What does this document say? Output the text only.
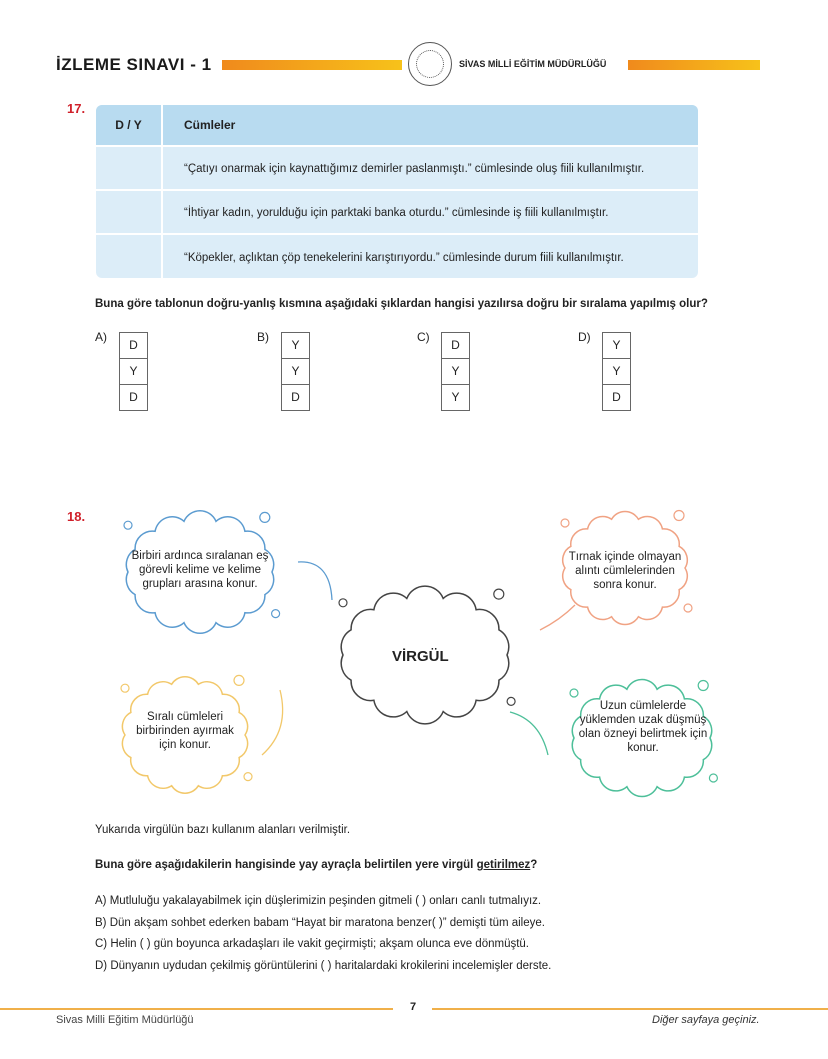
İZLEME SINAVI - 1	SİVAS MİLLİ EĞİTİM MÜDÜRLÜĞÜ
17.
D / Y	Cümleler
“Çatıyı onarmak için kaynattığımız demirler paslanmıştı.” cümlesinde oluş fiili kullanılmıştır.
“İhtiyar kadın, yorulduğu için parktaki banka oturdu.” cümlesinde iş fiili kullanılmıştır.
“Köpekler, açlıktan çöp tenekelerini karıştırıyordu.” cümlesinde durum fiili kullanılmıştır.
Buna göre tablonun doğru-yanlış kısmına aşağıdaki şıklardan hangisi yazılırsa doğru bir sıralama yapılmış olur?
A)
D
Y
D
B)
Y
Y
D
C)
D
Y
Y
D)
Y
Y
D
18.
Birbiri ardınca sıralanan eş görevli kelime ve kelime grupları arasına konur.
Tırnak içinde olmayan alıntı cümlelerinden sonra konur.
Sıralı cümleleri birbirinden ayırmak için konur.
Uzun cümlelerde yüklemden uzak düşmüş olan özneyi belirtmek için konur.
VİRGÜL
Yukarıda virgülün bazı kullanım alanları verilmiştir.
Buna göre aşağıdakilerin hangisinde yay ayraçla belirtilen yere virgül getirilmez?
A) Mutluluğu yakalayabilmek için düşlerimizin peşinden gitmeli ( ) onları canlı tutmalıyız.
B) Dün akşam sohbet ederken babam “Hayat bir maratona benzer( )” demişti tüm aileye.
C) Helin ( ) gün boyunca arkadaşları ile vakit geçirmişti; akşam olunca eve dönmüştü.
D) Dünyanın uydudan çekilmiş görüntülerini ( ) haritalardaki krokilerini incelemişler derste.
7
Sivas Milli Eğitim Müdürlüğü	Diğer sayfaya geçiniz.
